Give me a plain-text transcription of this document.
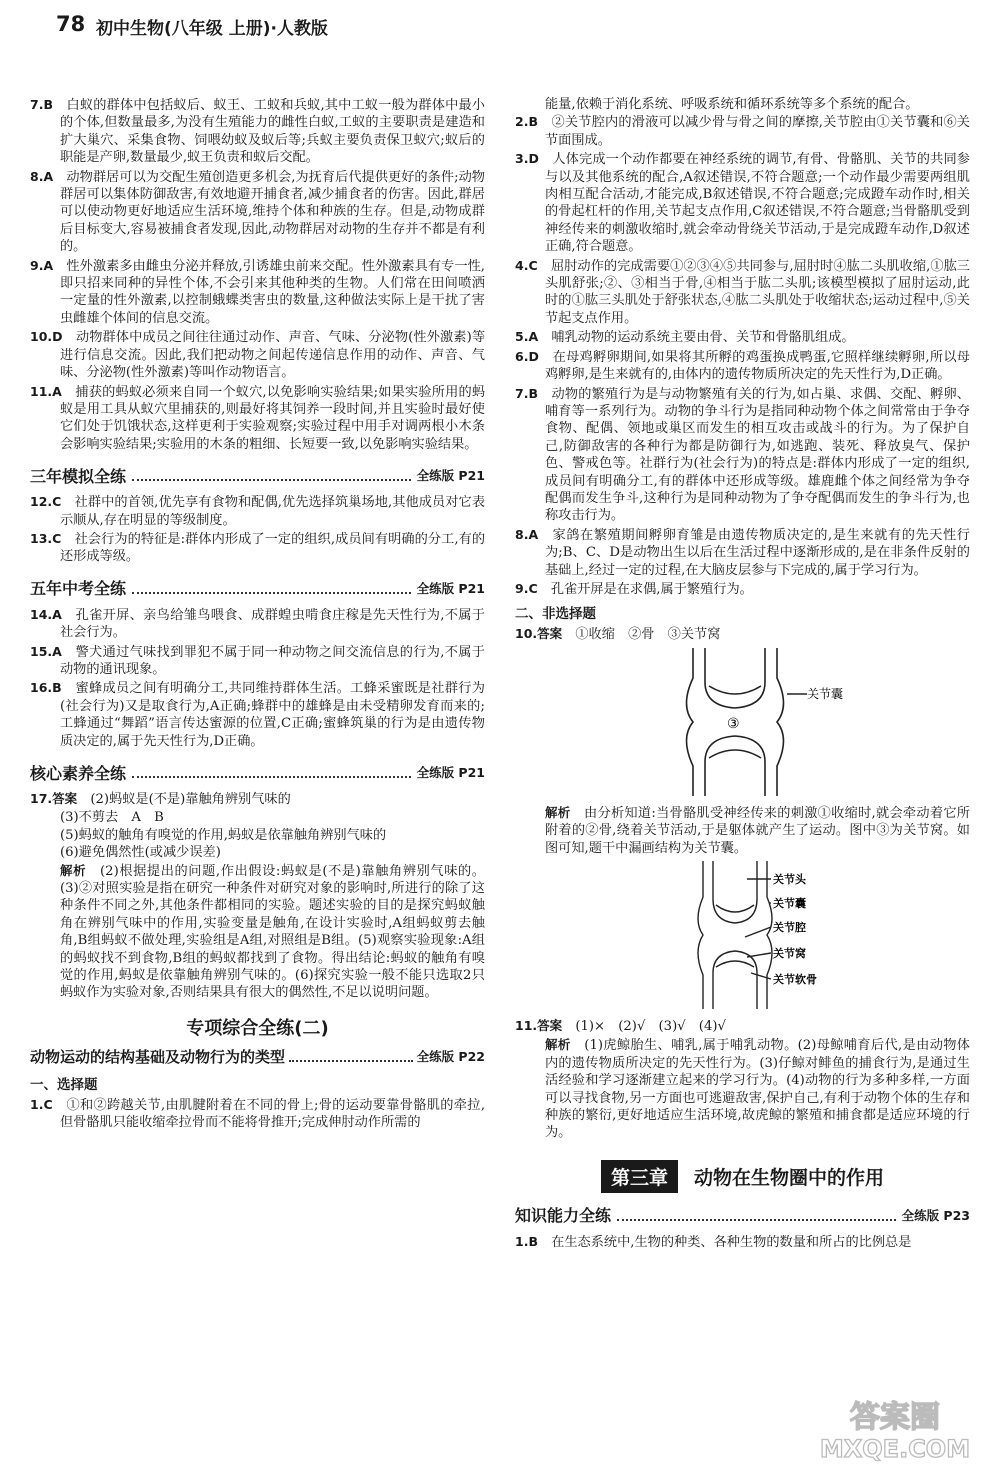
78 初中生物(八年级 上册)·人教版

7.B　 白蚁的群体中包括蚁后、蚁王、工蚁和兵蚁,其中工蚁一般为群体中最小的个体,但数量最多,为没有生殖能力的雌性白蚁,工蚁的主要职责是建造和扩大巢穴、采集食物、饲喂幼蚁及蚁后等;兵蚁主要负责保卫蚁穴;蚁后的职能是产卵,数量最少,蚁王负责和蚁后交配。

8.A　 动物群居可以为交配生殖创造更多机会,为抚育后代提供更好的条件;动物群居可以集体防御敌害,有效地避开捕食者,减少捕食者的伤害。因此,群居可以使动物更好地适应生活环境,维持个体和种族的生存。但是,动物成群后目标变大,容易被捕食者发现,因此,动物群居对动物的生存并不都是有利的。

9.A　 性外激素多由雌虫分泌并释放,引诱雄虫前来交配。性外激素具有专一性,即只招来同种的异性个体,不会引来其他种类的生物。人们常在田间喷洒一定量的性外激素,以控制蛾蝶类害虫的数量,这种做法实际上是干扰了害虫雌雄个体间的信息交流。

10.D　 动物群体中成员之间往往通过动作、声音、气味、分泌物(性外激素)等进行信息交流。因此,我们把动物之间起传递信息作用的动作、声音、气味、分泌物(性外激素)等叫作动物语言。

11.A　 捕获的蚂蚁必须来自同一个蚁穴,以免影响实验结果;如果实验所用的蚂蚁是用工具从蚁穴里捕获的,则最好将其饲养一段时间,并且实验时最好使它们处于饥饿状态,这样更利于实验观察;实验过程中用手对调两根小木条会影响实验结果;实验用的木条的粗细、长短要一致,以免影响实验结果。

三年模拟全练	全练版 P21

12.C　 社群中的首领,优先享有食物和配偶,优先选择筑巢场地,其他成员对它表示顺从,存在明显的等级制度。

13.C　 社会行为的特征是:群体内形成了一定的组织,成员间有明确的分工,有的还形成等级。

五年中考全练	全练版 P21

14.A　 孔雀开屏、亲鸟给雏鸟喂食、成群蝗虫啃食庄稼是先天性行为,不属于社会行为。

15.A　 警犬通过气味找到罪犯不属于同一种动物之间交流信息的行为,不属于动物的通讯现象。

16.B　 蜜蜂成员之间有明确分工,共同维持群体生活。工蜂采蜜既是社群行为(社会行为)又是取食行为,A正确;蜂群中的雄蜂是由未受精卵发育而来的;工蜂通过“舞蹈”语言传达蜜源的位置,C正确;蜜蜂筑巢的行为是由遗传物质决定的,属于先天性行为,D正确。

核心素养全练	全练版 P21

17.答案　 (2)蚂蚁是(不是)靠触角辨别气味的

(3)不剪去　A　B

(5)蚂蚁的触角有嗅觉的作用,蚂蚁是依靠触角辨别气味的

(6)避免偶然性(或减少误差)

解析　 (2)根据提出的问题,作出假设:蚂蚁是(不是)靠触角辨别气味的。(3)②对照实验是指在研究一种条件对研究对象的影响时,所进行的除了这种条件不同之外,其他条件都相同的实验。题述实验的目的是探究蚂蚁触角在辨别气味中的作用,实验变量是触角,在设计实验时,A组蚂蚁剪去触角,B组蚂蚁不做处理,实验组是A组,对照组是B组。(5)观察实验现象:A组的蚂蚁找不到食物,B组的蚂蚁都找到了食物。得出结论:蚂蚁的触角有嗅觉的作用,蚂蚁是依靠触角辨别气味的。(6)探究实验一般不能只选取2只蚂蚁作为实验对象,否则结果具有很大的偶然性,不足以说明问题。

专项综合全练(二)
动物运动的结构基础及动物行为的类型	全练版 P22
一、选择题

1.C　 ①和②跨越关节,由肌腱附着在不同的骨上;骨的运动要靠骨骼肌的牵拉,但骨骼肌只能收缩牵拉骨而不能将骨推开;完成伸肘动作所需的

能量,依赖于消化系统、呼吸系统和循环系统等多个系统的配合。

2.B　 ②关节腔内的滑液可以减少骨与骨之间的摩擦,关节腔由①关节囊和⑥关节面围成。

3.D　 人体完成一个动作都要在神经系统的调节,有骨、骨骼肌、关节的共同参与以及其他系统的配合,A叙述错误,不符合题意;一个动作最少需要两组肌肉相互配合活动,才能完成,B叙述错误,不符合题意;完成蹬车动作时,相关的骨起杠杆的作用,关节起支点作用,C叙述错误,不符合题意;当骨骼肌受到神经传来的刺激收缩时,就会牵动骨绕关节活动,于是完成蹬车动作,D叙述正确,符合题意。

4.C　 屈肘动作的完成需要①②③④⑤共同参与,屈肘时④肱二头肌收缩,①肱三头肌舒张;②、③相当于骨,④相当于肱二头肌;该模型模拟了屈肘运动,此时的①肱三头肌处于舒张状态,④肱二头肌处于收缩状态;运动过程中,⑤关节起支点作用。

5.A　 哺乳动物的运动系统主要由骨、关节和骨骼肌组成。

6.D　 在母鸡孵卵期间,如果将其所孵的鸡蛋换成鸭蛋,它照样继续孵卵,所以母鸡孵卵,是生来就有的,由体内的遗传物质所决定的先天性行为,D正确。

7.B　 动物的繁殖行为是与动物繁殖有关的行为,如占巢、求偶、交配、孵卵、哺育等一系列行为。动物的争斗行为是指同种动物个体之间常常由于争夺食物、配偶、领地或巢区而发生的相互攻击或战斗的行为。为了保护自己,防御敌害的各种行为都是防御行为,如逃跑、装死、释放臭气、保护色、警戒色等。社群行为(社会行为)的特点是:群体内形成了一定的组织,成员间有明确分工,有的群体中还形成等级。雄鹿雌个体之间经常为争夺配偶而发生争斗,这种行为是同种动物为了争夺配偶而发生的争斗行为,也称攻击行为。

8.A　 家鸽在繁殖期间孵卵育雏是由遗传物质决定的,是生来就有的先天性行为;B、C、D是动物出生以后在生活过程中逐渐形成的,是在非条件反射的基础上,经过一定的过程,在大脑皮层参与下完成的,属于学习行为。

9.C　 孔雀开屏是在求偶,属于繁殖行为。

二、非选择题

10.答案　 ①收缩　②骨　③关节窝

关节囊
③

解析　 由分析知道:当骨骼肌受神经传来的刺激①收缩时,就会牵动着它所附着的②骨,绕着关节活动,于是躯体就产生了运动。图中③为关节窝。如图可知,题干中漏画结构为关节囊。

关节头
关节囊
关节腔
关节窝
关节软骨

11.答案　 (1)×　(2)√　(3)√　(4)√

解析　 (1)虎鲸胎生、哺乳,属于哺乳动物。(2)母鲸哺育后代,是由动物体内的遗传物质所决定的先天性行为。(3)仔鲸对鲱鱼的捕食行为,是通过生活经验和学习逐渐建立起来的学习行为。(4)动物的行为多种多样,一方面可以寻找食物,另一方面也可逃避敌害,保护自己,有利于动物个体的生存和种族的繁衍,更好地适应生活环境,故虎鲸的繁殖和捕食都是适应环境的行为。

第三章	动物在生物圈中的作用
知识能力全练	全练版 P23

1.B　 在生态系统中,生物的种类、各种生物的数量和所占的比例总是

答案圈
MXQE.COM
